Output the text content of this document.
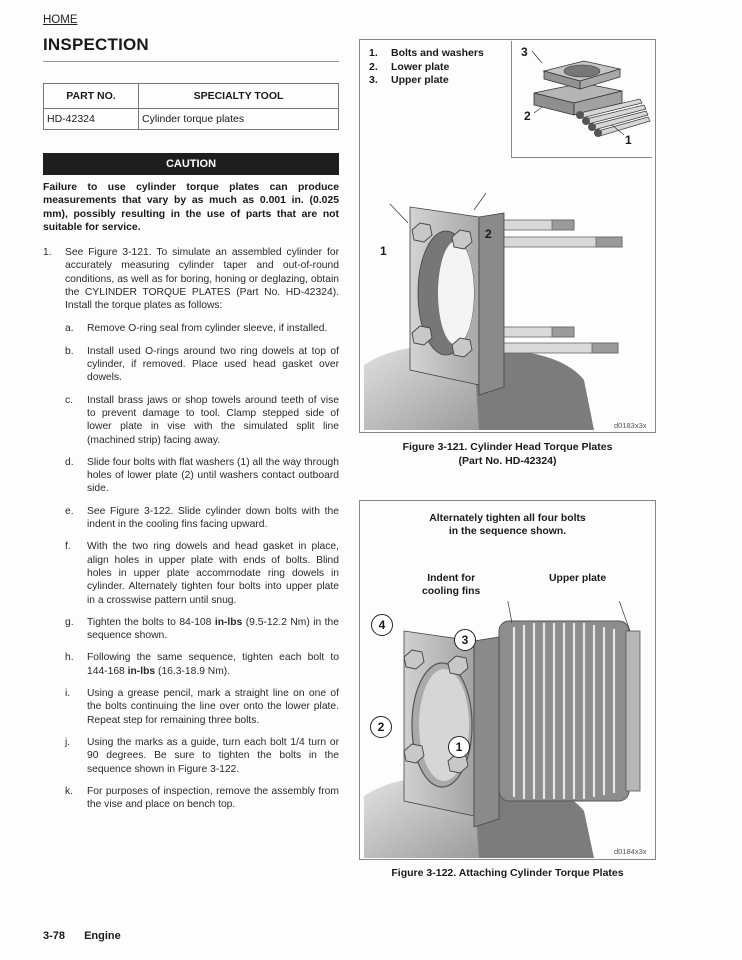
HOME
INSPECTION
PART NO.	SPECIALTY TOOL
HD-42324	Cylinder torque plates
CAUTION

Failure to use cylinder torque plates can produce measurements that vary by as much as 0.001 in. (0.025 mm), possibly resulting in the use of parts that are not suitable for service.

1.	See Figure 3-121. To simulate an assembled cylinder for accurately measuring cylinder taper and out-of-round conditions, as well as for boring, honing or deglazing, obtain the CYLINDER TORQUE PLATES (Part No. HD-42324). Install the torque plates as follows:
a.	Remove O-ring seal from cylinder sleeve, if installed.
b.	Install used O-rings around two ring dowels at top of cylinder, if removed. Place used head gasket over dowels.
c.	Install brass jaws or shop towels around teeth of vise to prevent damage to tool. Clamp stepped side of lower plate in vise with the simulated split line (machined strip) facing away.
d.	Slide four bolts with flat washers (1) all the way through holes of lower plate (2) until washers contact outboard side.
e.	See Figure 3-122. Slide cylinder down bolts with the indent in the cooling fins facing upward.
f.	With the two ring dowels and head gasket in place, align holes in upper plate with ends of bolts. Blind holes in upper plate accommodate ring dowels in cylinder. Alternately tighten four bolts into upper plate in a crosswise pattern until snug.
g.	Tighten the bolts to 84-108 in-lbs (9.5-12.2 Nm) in the sequence shown.
h.	Following the same sequence, tighten each bolt to 144-168 in-lbs (16.3-18.9 Nm).
i.	Using a grease pencil, mark a straight line on one of the bolts continuing the line over onto the lower plate. Repeat step for remaining three bolts.
j.	Using the marks as a guide, turn each bolt 1/4 turn or 90 degrees. Be sure to tighten the bolts in the sequence shown in Figure 3-122.
k.	For purposes of inspection, remove the assembly from the vise and place on bench top.
3-78 Engine
1.	Bolts and washers
2.	Lower plate
3.	Upper plate
3
2
1
1
2
d0183x3x
Figure 3-121. Cylinder Head Torque Plates
(Part No. HD-42324)
Alternately tighten all four bolts
in the sequence shown.
Indent for
cooling fins
Upper plate
d0184x3x
4
3
2
1
Figure 3-122. Attaching Cylinder Torque Plates
